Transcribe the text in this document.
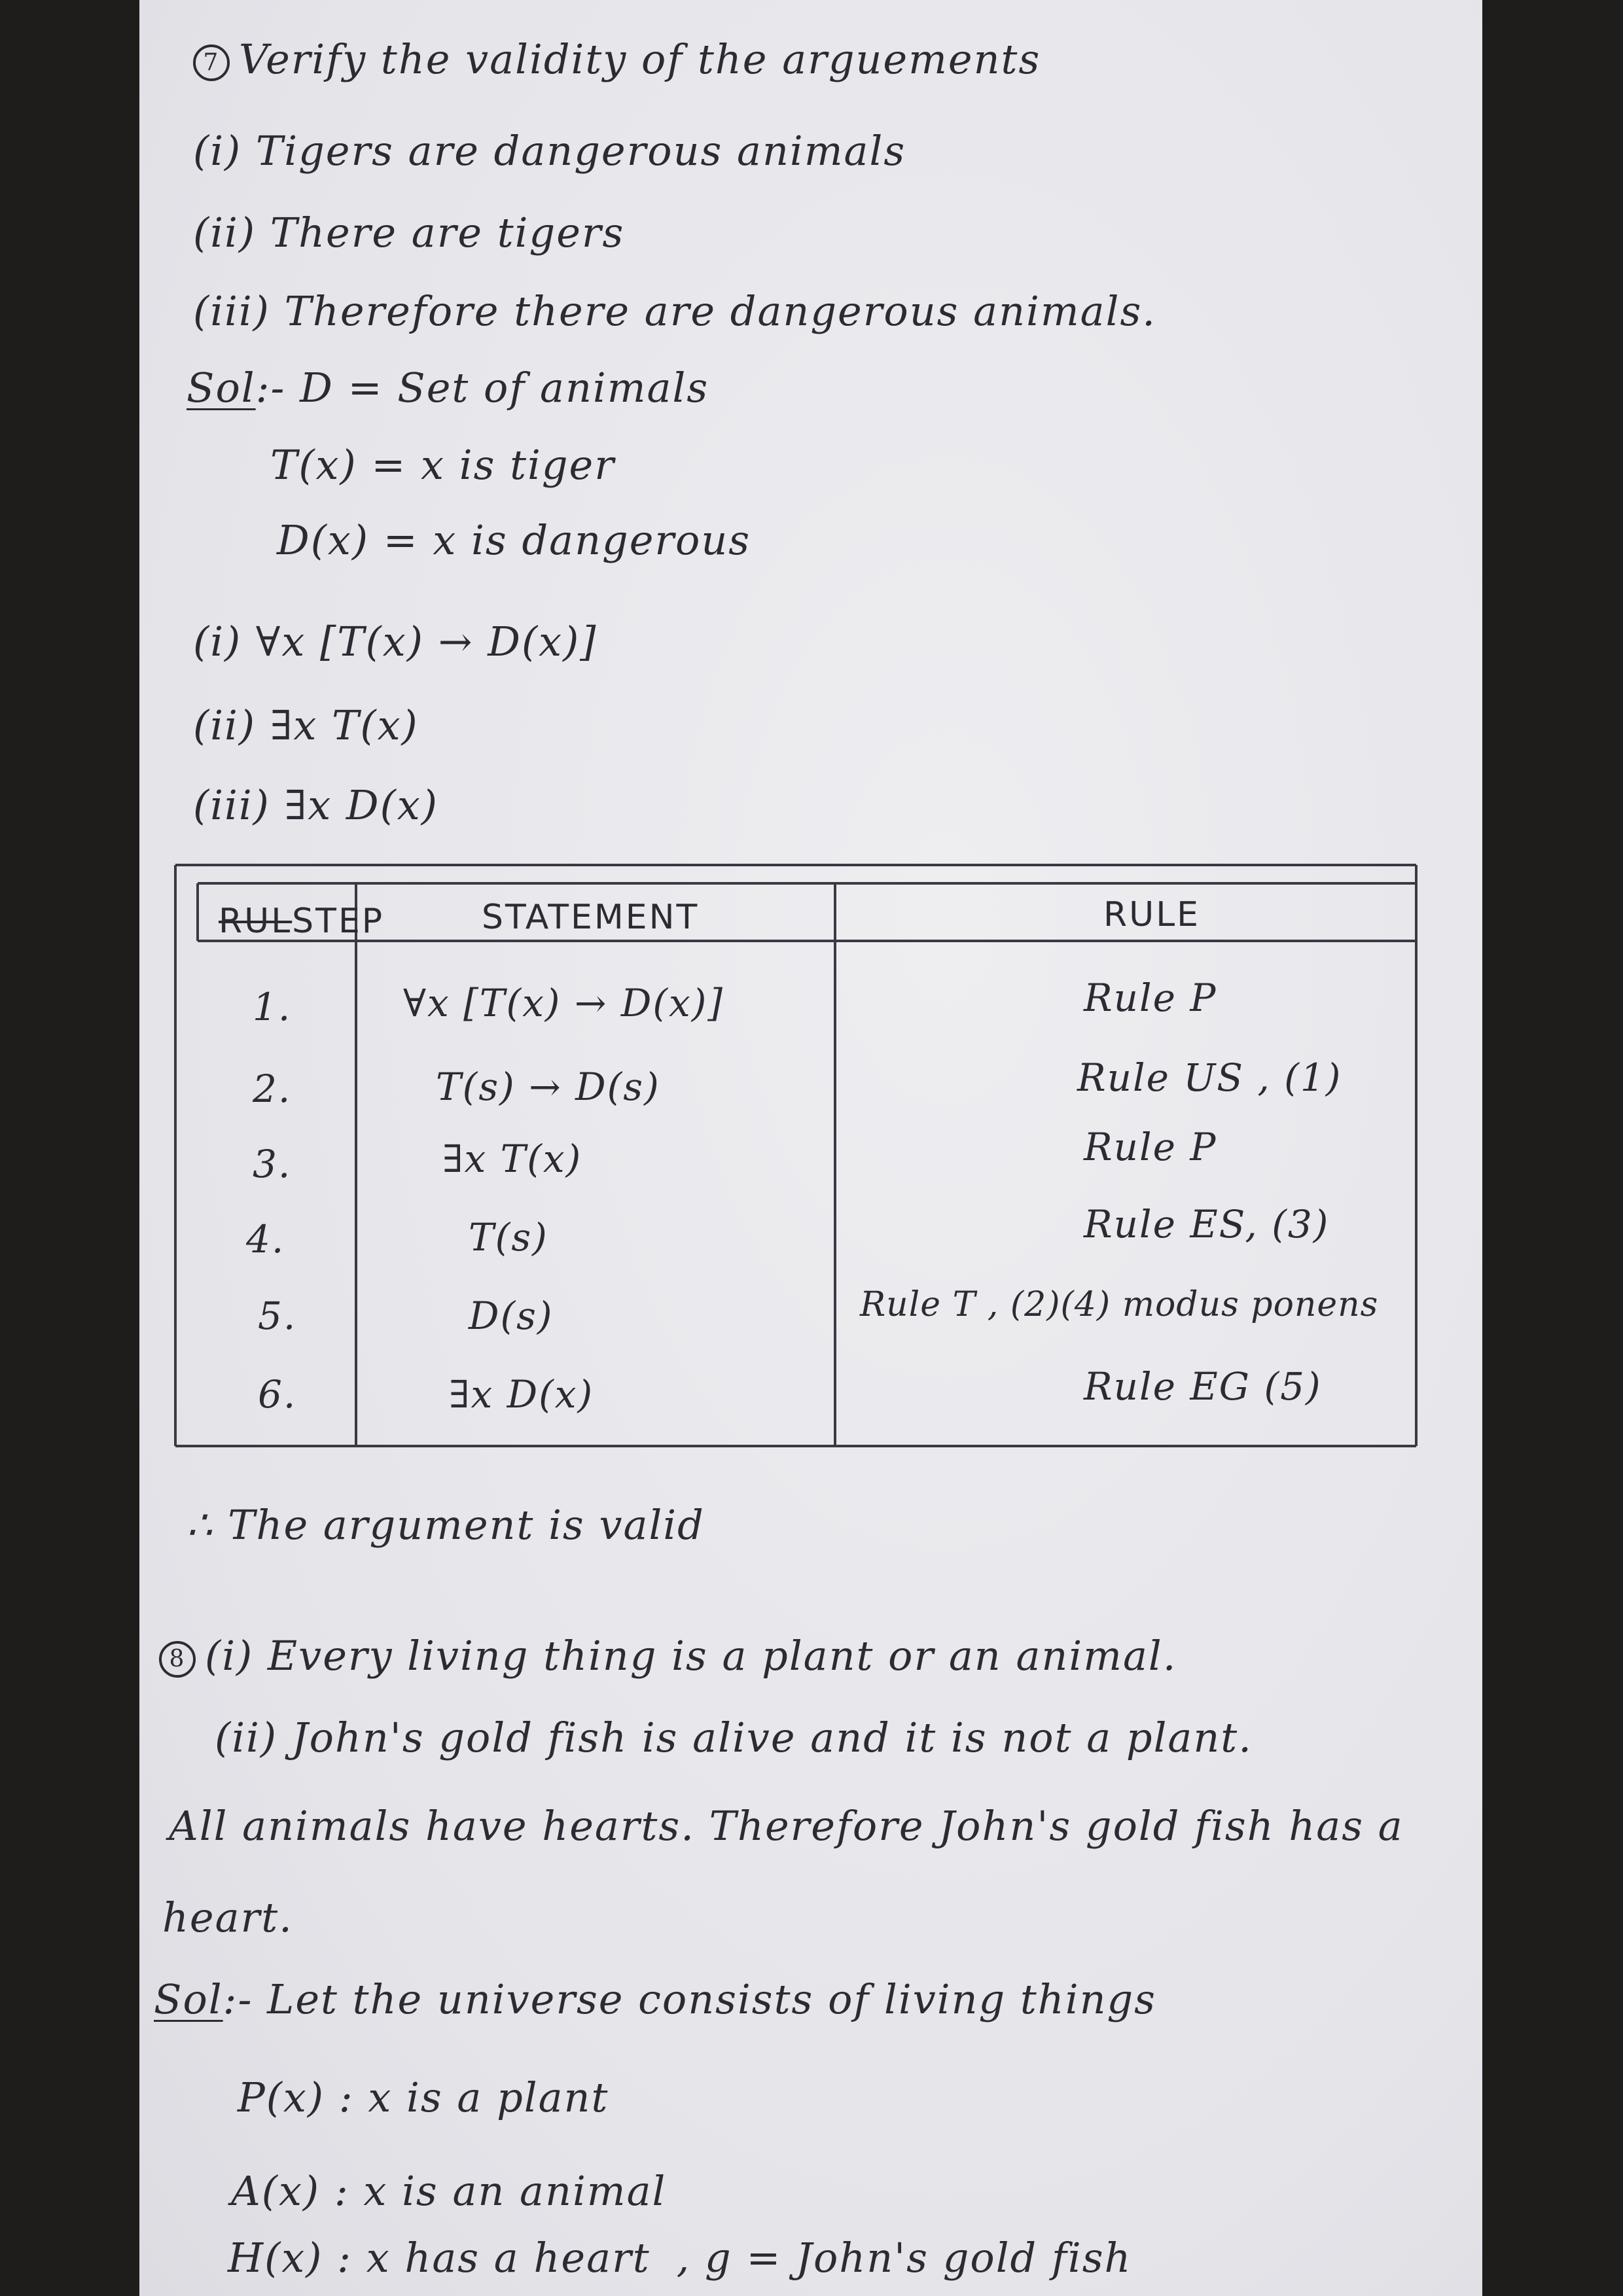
7 Verify the validity of the arguements
(i) Tigers are dangerous animals
(ii) There are tigers
(iii) Therefore there are dangerous animals.
Sol:- D = Set of animals
T(x) = x is tiger
D(x) = x is dangerous
(i) ∀x [T(x) → D(x)]
(ii) ∃x T(x)
(iii) ∃x D(x)
RULSTEP	STATEMENT	RULE
1.	∀x [T(x) → D(x)]	Rule P
2.	T(s) → D(s)	Rule US , (1)
3.	∃x T(x)	Rule P
4.	T(s)	Rule ES, (3)
5.	D(s)	Rule T , (2)(4) modus ponens
6.	∃x D(x)	Rule EG (5)
∴ The argument is valid
8 (i) Every living thing is a plant or an animal.
(ii) John's gold fish is alive and it is not a plant.
All animals have hearts. Therefore John's gold fish has a
heart.
Sol:- Let the universe consists of living things
P(x) : x is a plant
A(x) : x is an animal
H(x) : x has a heart , g = John's gold fish
